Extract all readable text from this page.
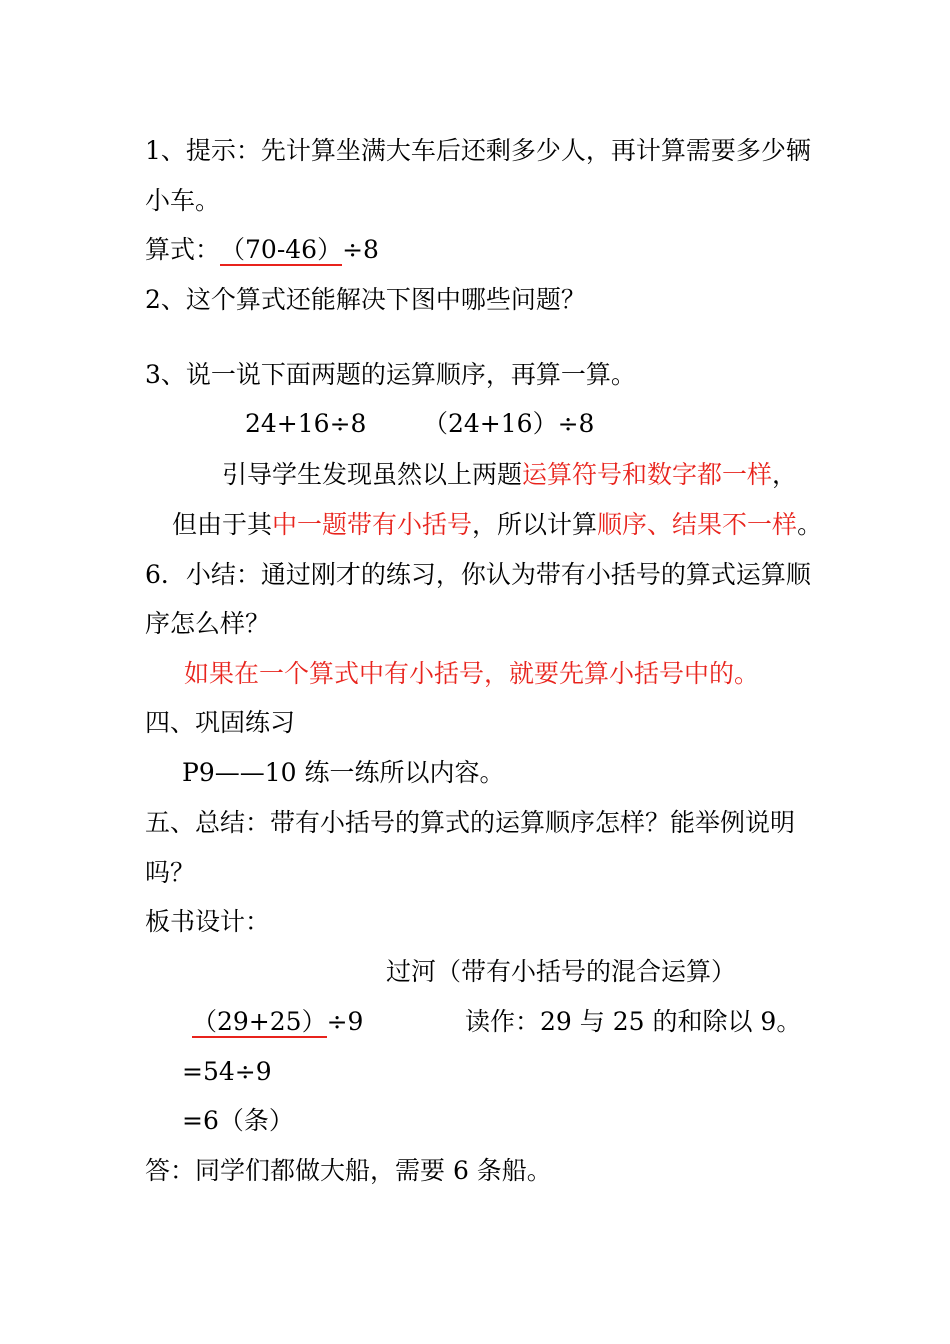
1、提示：先计算坐满大车后还剩多少人，再计算需要多少辆
小车。
算式：（70-46）÷8
2、这个算式还能解决下图中哪些问题？
3、说一说下面两题的运算顺序，再算一算。
24+16÷8 （24+16）÷8
引导学生发现虽然以上两题运算符号和数字都一样，
但由于其中一题带有小括号，所以计算顺序、结果不一样。
6．小结：通过刚才的练习，你认为带有小括号的算式运算顺
序怎么样？
如果在一个算式中有小括号，就要先算小括号中的。
四、巩固练习
P9——10 练一练所以内容。
五、总结：带有小括号的算式的运算顺序怎样？能举例说明
吗？
板书设计：
过河（带有小括号的混合运算）
（29+25）÷9	读作：29 与 25 的和除以 9。
=54÷9
=6（条）
答：同学们都做大船，需要 6 条船。
